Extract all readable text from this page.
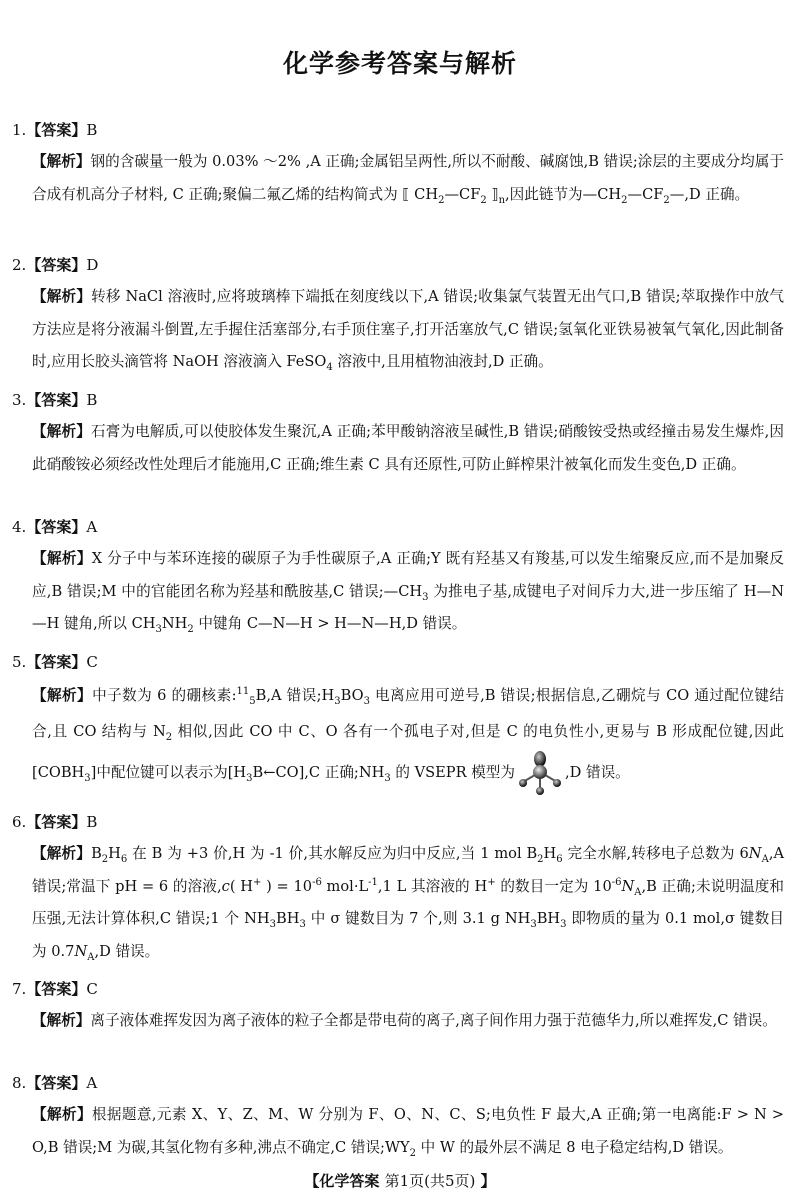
化学参考答案与解析
1.【答案】B
【解析】钢的含碳量一般为 0.03% ～2% ,A 正确;金属铝呈两性,所以不耐酸、碱腐蚀,B 错误;涂层的主要成分均属于合成有机高分子材料, C 正确;聚偏二氟乙烯的结构简式为 ⟦ $CH_2—CF_2$ $⟧_n$,因此链节为$—CH_2—CF_2—,D$ 正确。
2.【答案】D
【解析】转移 NaCl 溶液时,应将玻璃棒下端抵在刻度线以下,A 错误;收集氯气装置无出气口,B 错误;萃取操作中放气方法应是将分液漏斗倒置,左手握住活塞部分,右手顶住塞子,打开活塞放气,C 错误;氢氧化亚铁易被氧气氧化,因此制备时,应用长胶头滴管将 NaOH 溶液滴入 FeSO$_4$ 溶液中,且用植物油液封,D 正确。
3.【答案】B
【解析】石膏为电解质,可以使胶体发生聚沉,A 正确;苯甲酸钠溶液呈碱性,B 错误;硝酸铵受热或经撞击易发生爆炸,因此硝酸铵必须经改性处理后才能施用,C 正确;维生素 C 具有还原性,可防止鲜榨果汁被氧化而发生变色,D 正确。
4.【答案】A
【解析】X 分子中与苯环连接的碳原子为手性碳原子,A 正确;Y 既有羟基又有羧基,可以发生缩聚反应,而不是加聚反应,B 错误;M 中的官能团名称为羟基和酰胺基,C 错误$;—CH_3$ 为推电子基,成键电子对间斥力大,进一步压缩了 H—N—H 键角,所以 $CH_3NH_2$ 中键角 C—N—H > H—N—H,D 错误。
5.【答案】C
【解析】中子数为 6 的硼核素:$^{11}_5$B,A 错误$;H_3BO_3$ 电离应用可逆号,B 错误;根据信息,乙硼烷与 CO 通过配位键结合,且 CO 结构与 $N_2$ 相似,因此 CO 中 C、O 各有一个孤电子对,但是 C 的电负性小,更易与 B 形成配位键,因此$[COBH_3]$中配位键可以表示为$[H_3B\leftarrow CO],C$ 正确$;NH_3$ 的 VSEPR 模型为	,D 错误。
6.【答案】B
【解析】$B_2H_6$ 在 B 为 +3 价,H 为 -1 价,其水解反应为归中反应,当 1 mol $B_2H_6$ 完全水解,转移电子总数为 $6N_A,A$ 错误;常温下 pH = 6 的溶液,c( H+ ) = $10^{-6}$ $mol\cdot L^{-1},1$ L 其溶液的 H+ 的数目一定为 $10^{-6}N_A,B$ 正确;未说明温度和压强,无法计算体积,C 错误;1 个 $NH_3BH_3$ 中 σ 键数目为 7 个,则 3.1 g $NH_3BH_3$ 即物质的量为 0.1 mol,σ 键数目为 $0.7N_A,D$ 错误。
7.【答案】C
【解析】离子液体难挥发因为离子液体的粒子全都是带电荷的离子,离子间作用力强于范德华力,所以难挥发,C 错误。
8.【答案】A
【解析】根据题意,元素 X、Y、Z、M、W 分别为 F、O、N、C、S;电负性 F 最大,A 正确;第一电离能:F > N > O,B 错误;M 为碳,其氢化物有多种,沸点不确定,C 错误$;WY_2$ 中 W 的最外层不满足 8 电子稳定结构,D 错误。
【化学答案 第1页(共5页) 】
